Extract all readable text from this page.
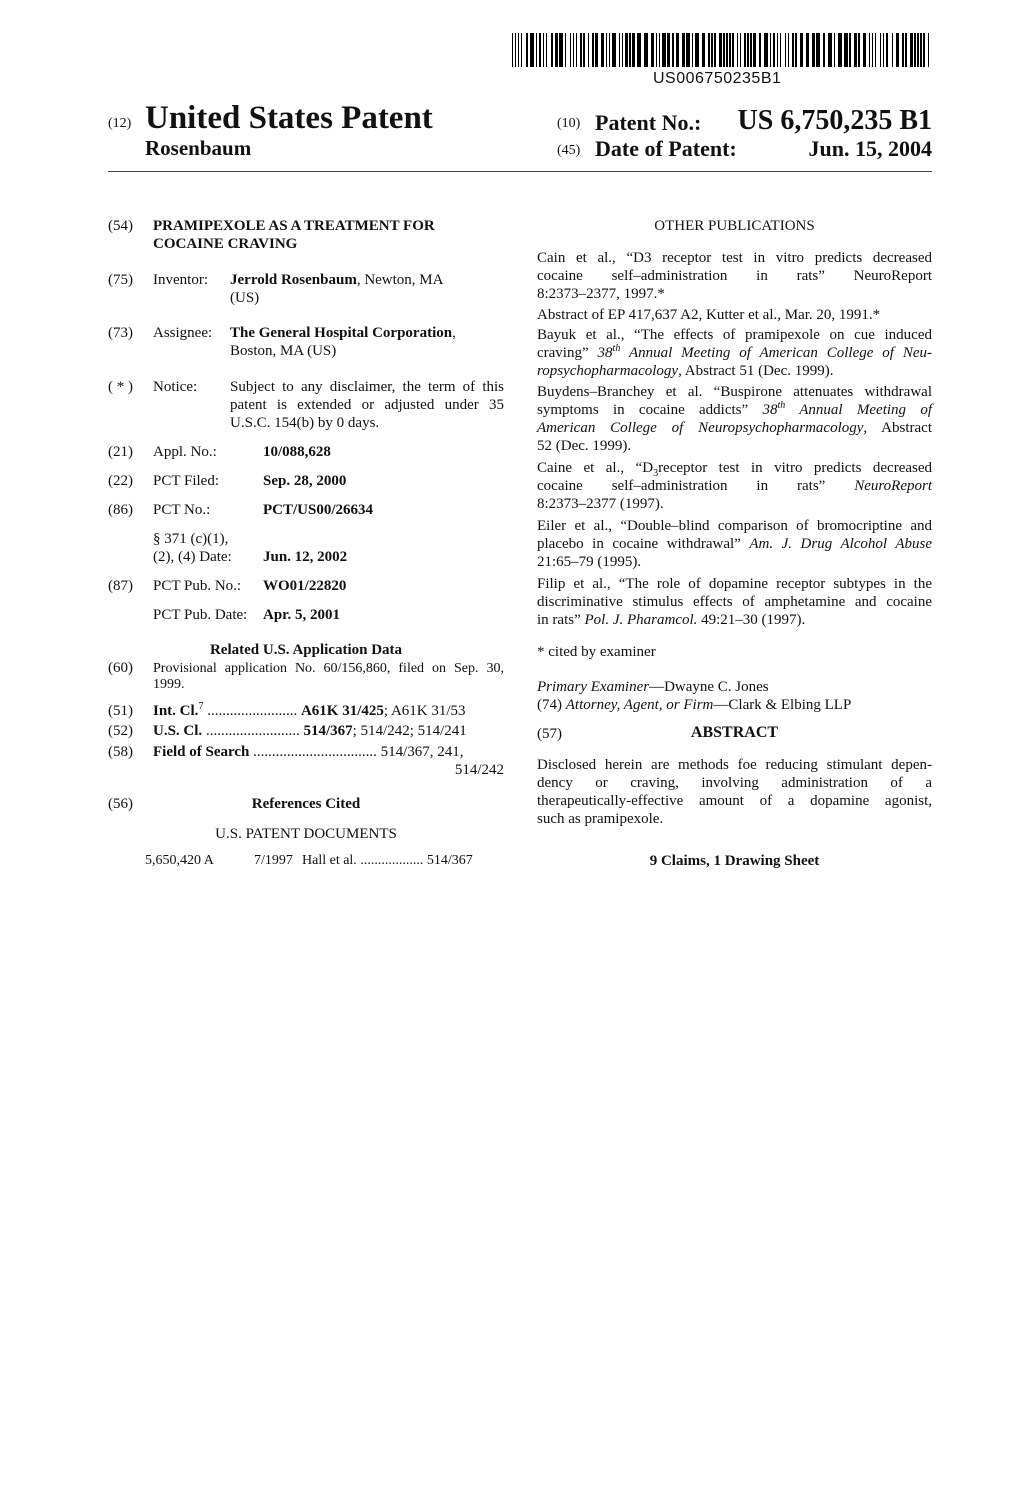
US006750235B1
(12) United States Patent
Rosenbaum
(10) Patent No.: US 6,750,235 B1
(45) Date of Patent:	Jun. 15, 2004
(54) PRAMIPEXOLE AS A TREATMENT FOR
COCAINE CRAVING
(75) Inventor: Jerrold Rosenbaum, Newton, MA
(US)
(73) Assignee: The General Hospital Corporation,
Boston, MA (US)
( * ) Notice: Subject to any disclaimer, the term of this
patent is extended or adjusted under 35
U.S.C. 154(b) by 0 days.
(21) Appl. No.:	10/088,628
(22) PCT Filed:	Sep. 28, 2000
(86) PCT No.:	PCT/US00/26634
§ 371 (c)(1),
(2), (4) Date: Jun. 12, 2002
(87) PCT Pub. No.: WO01/22820
PCT Pub. Date: Apr. 5, 2001
Related U.S. Application Data
(60) Provisional application No. 60/156,860, filed on Sep. 30,
1999.
(51) Int. Cl.$^7$ ........................ A61K 31/425; A61K 31/53
(52) U.S. Cl. ......................... 514/367; 514/242; 514/241
(58) Field of Search ................................. 514/367, 241,
514/242
(56)	References Cited
U.S. PATENT DOCUMENTS
5,650,420 A	7/1997 Hall et al. .................. 514/367
OTHER PUBLICATIONS

Cain et al., “D3 receptor test in vitro predicts decreased

cocaine self–administration in rats” NeuroReport

8:2373–2377, 1997.*

Abstract of EP 417,637 A2, Kutter et al., Mar. 20, 1991.*

Bayuk et al., “The effects of pramipexole on cue induced

craving” 38th Annual Meeting of American College of Neu-

ropsychopharmacology, Abstract 51 (Dec. 1999).

Buydens–Branchey et al. “Buspirone attenuates withdrawal

symptoms in cocaine addicts” 38th Annual Meeting of

American College of Neuropsychopharmacology, Abstract

52 (Dec. 1999).

Caine et al., “$D_3receptor$ test in vitro predicts decreased

cocaine self–administration in rats” NeuroReport

8:2373–2377 (1997).

Eiler et al., “Double–blind comparison of bromocriptine and

placebo in cocaine withdrawal” Am. J. Drug Alcohol Abuse

21:65–79 (1995).

Filip et al., “The role of dopamine receptor subtypes in the

discriminative stimulus effects of amphetamine and cocaine

in rats” Pol. J. Pharamcol. 49:21–30 (1997).

* cited by examiner
Primary Examiner—Dwayne C. Jones
(74) Attorney, Agent, or Firm—Clark & Elbing LLP
(57)	ABSTRACT

Disclosed herein are methods foe reducing stimulant depen-

dency or craving, involving administration of a

therapeutically-effective amount of a dopamine agonist,

such as pramipexole.

9 Claims, 1 Drawing Sheet
